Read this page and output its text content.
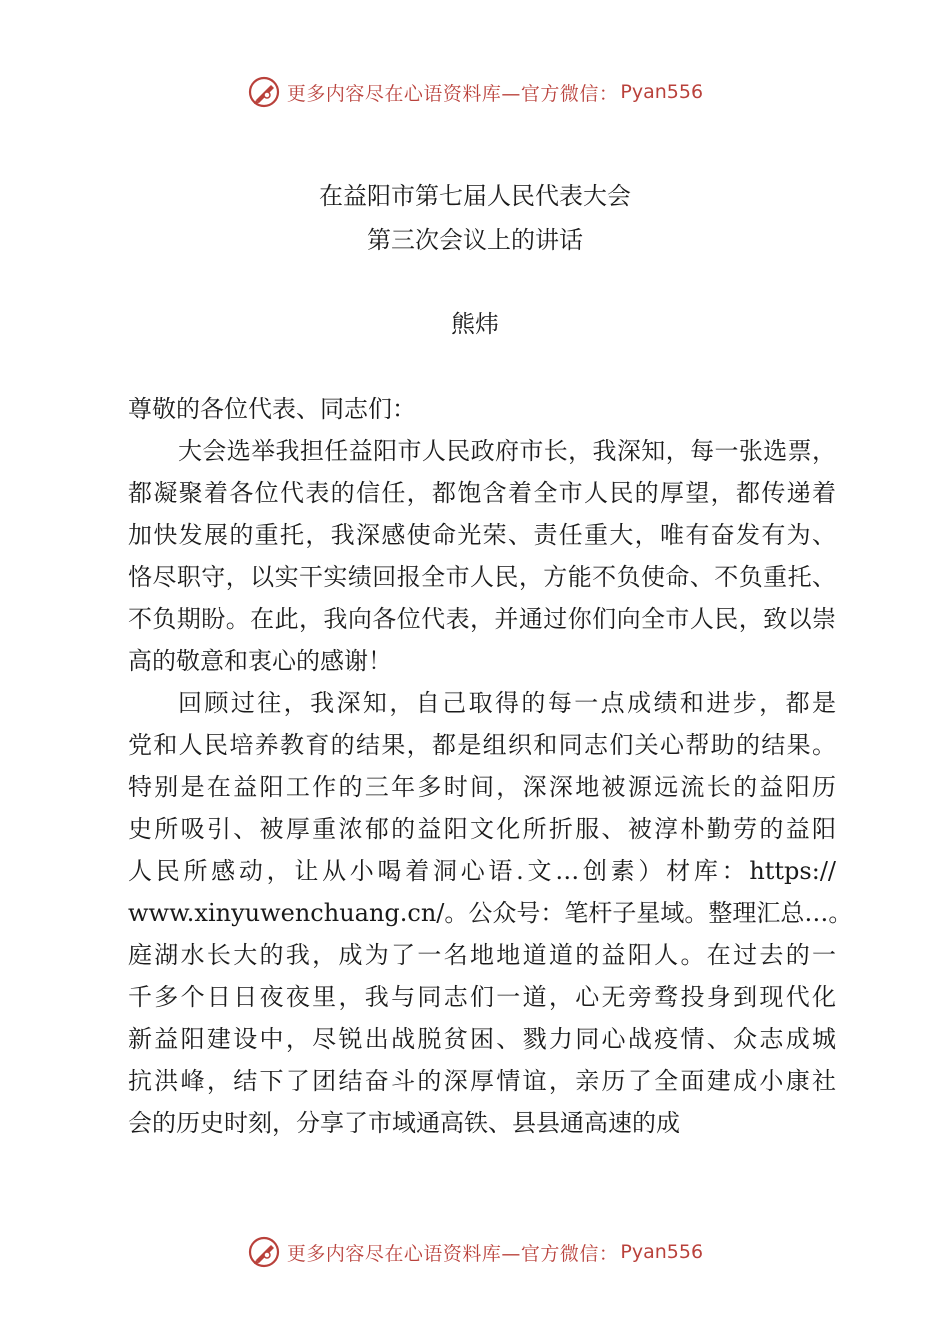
更多内容尽在心语资料库—官方微信： Pyan556
在益阳市第七届人民代表大会
第三次会议上的讲话
熊炜
尊敬的各位代表、同志们：
大会选举我担任益阳市人民政府市长，我深知，每一张选票，
都凝聚着各位代表的信任，都饱含着全市人民的厚望，都传递着
加快发展的重托，我深感使命光荣、责任重大，唯有奋发有为、
恪尽职守，以实干实绩回报全市人民，方能不负使命、不负重托、
不负期盼。在此，我向各位代表，并通过你们向全市人民，致以崇
高的敬意和衷心的感谢！
回顾过往，我深知，自己取得的每一点成绩和进步，都是
党和人民培养教育的结果，都是组织和同志们关心帮助的结果。
特别是在益阳工作的三年多时间，深深地被源远流长的益阳历
史所吸引、被厚重浓郁的益阳文化所折服、被淳朴勤劳的益阳
人民所感动，让从小喝着洞心语.文…创素）材库：https://
www.xinyuwenchuang.cn/。公众号：笔杆子星域。整理汇总…。
庭湖水长大的我，成为了一名地地道道的益阳人。在过去的一
千多个日日夜夜里，我与同志们一道，心无旁骛投身到现代化
新益阳建设中，尽锐出战脱贫困、戮力同心战疫情、众志成城
抗洪峰，结下了团结奋斗的深厚情谊，亲历了全面建成小康社
会的历史时刻，分享了市域通高铁、县县通高速的成
更多内容尽在心语资料库—官方微信： Pyan556
